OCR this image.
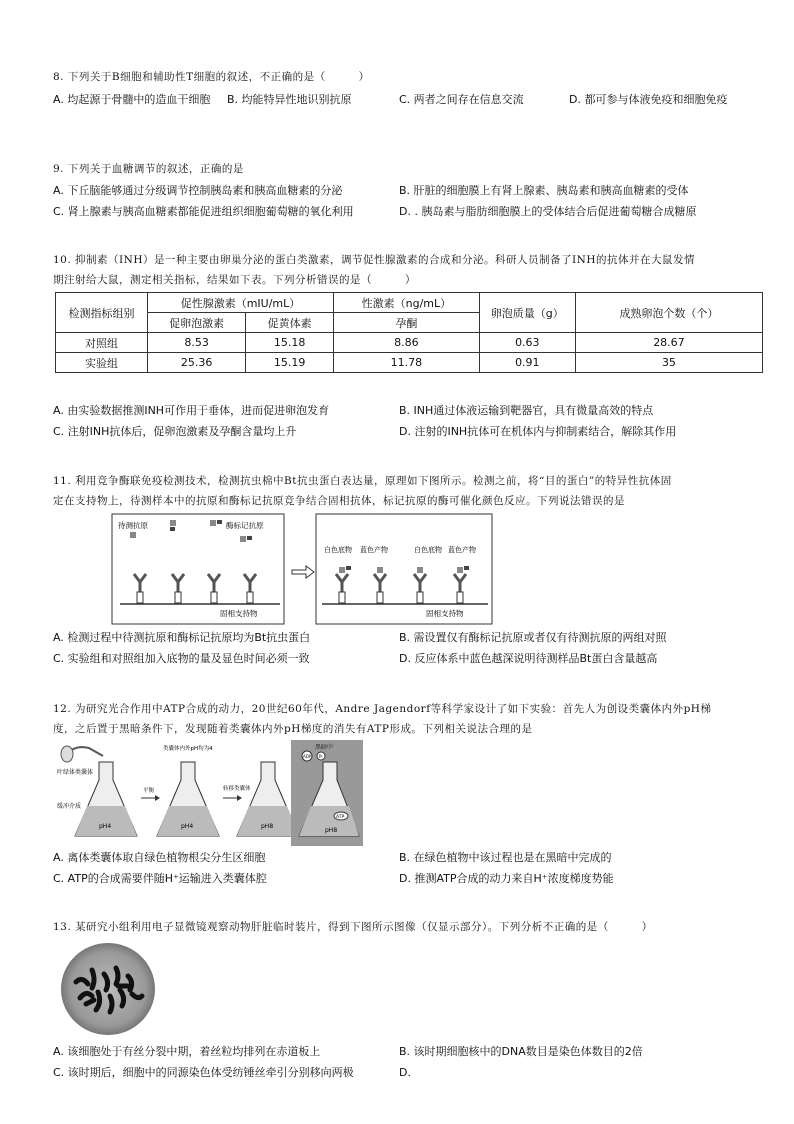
8. 下列关于B细胞和辅助性T细胞的叙述，不正确的是（　　　）
A. 均起源于骨髓中的造血干细胞	B. 均能特异性地识别抗原	C. 两者之间存在信息交流	D. 都可参与体液免疫和细胞免疫
9. 下列关于血糖调节的叙述，正确的是
A. 下丘脑能够通过分级调节控制胰岛素和胰高血糖素的分泌	B. 肝脏的细胞膜上有肾上腺素、胰岛素和胰高血糖素的受体
C. 肾上腺素与胰高血糖素都能促进组织细胞葡萄糖的氧化利用	D. . 胰岛素与脂肪细胞膜上的受体结合后促进葡萄糖合成糖原
10. 抑制素（INH）是一种主要由卵巢分泌的蛋白类激素，调节促性腺激素的合成和分泌。科研人员制备了INH的抗体并在大鼠发情
期注射给大鼠，测定相关指标，结果如下表。下列分析错误的是（　　　）
检测指标组别	促性腺激素（mIU/mL）		性激素（ng/mL）	卵泡质量（g）	成熟卵泡个数（个）
	促卵泡激素	促黄体素	孕酮		
对照组	8.53	15.18	8.86	0.63	28.67
实验组	25.36	15.19	11.78	0.91	35
A. 由实验数据推测INH可作用于垂体，进而促进卵泡发育	B. INH通过体液运输到靶器官，具有微量高效的特点
C. 注射INH抗体后，促卵泡激素及孕酮含量均上升	D. 注射的INH抗体可在机体内与抑制素结合，解除其作用
11. 利用竞争酶联免疫检测技术，检测抗虫棉中Bt抗虫蛋白表达量，原理如下图所示。检测之前，将“目的蛋白”的特异性抗体固
定在支持物上，待测样本中的抗原和酶标记抗原竞争结合固相抗体，标记抗原的酶可催化颜色反应。下列说法错误的是
待测抗原	酶标记抗原
固相支持物
白色底物 蓝色产物	白色底物 蓝色产物
固相支持物
A. 检测过程中待测抗原和酶标记抗原均为Bt抗虫蛋白	B. 需设置仅有酶标记抗原或者仅有待测抗原的两组对照
C. 实验组和对照组加入底物的量及显色时间必须一致	D. 反应体系中蓝色越深说明待测样品Bt蛋白含量越高
12. 为研究光合作用中ATP合成的动力，20世纪60年代，Andre Jagendorf等科学家设计了如下实验：首先人为创设类囊体内外pH梯
度，之后置于黑暗条件下，发现随着类囊体内外pH梯度的消失有ATP形成。下列相关说法合理的是
叶绿体类囊体
缓冲介质
pH4
平衡
类囊体内外pH均为4
pH4
转移类囊体
pH8
黑暗中
ADP Pi
ATP
pH8
A. 离体类囊体取自绿色植物根尖分生区细胞	B. 在绿色植物中该过程也是在黑暗中完成的
C. ATP的合成需要伴随H⁺运输进入类囊体腔	D. 推测ATP合成的动力来自H⁺浓度梯度势能
13. 某研究小组利用电子显微镜观察动物肝脏临时装片，得到下图所示图像（仅显示部分）。下列分析不正确的是（　　　）
A. 该细胞处于有丝分裂中期，着丝粒均排列在赤道板上	B. 该时期细胞核中的DNA数目是染色体数目的2倍
C. 该时期后，细胞中的同源染色体受纺锤丝牵引分别移向两极	D.
